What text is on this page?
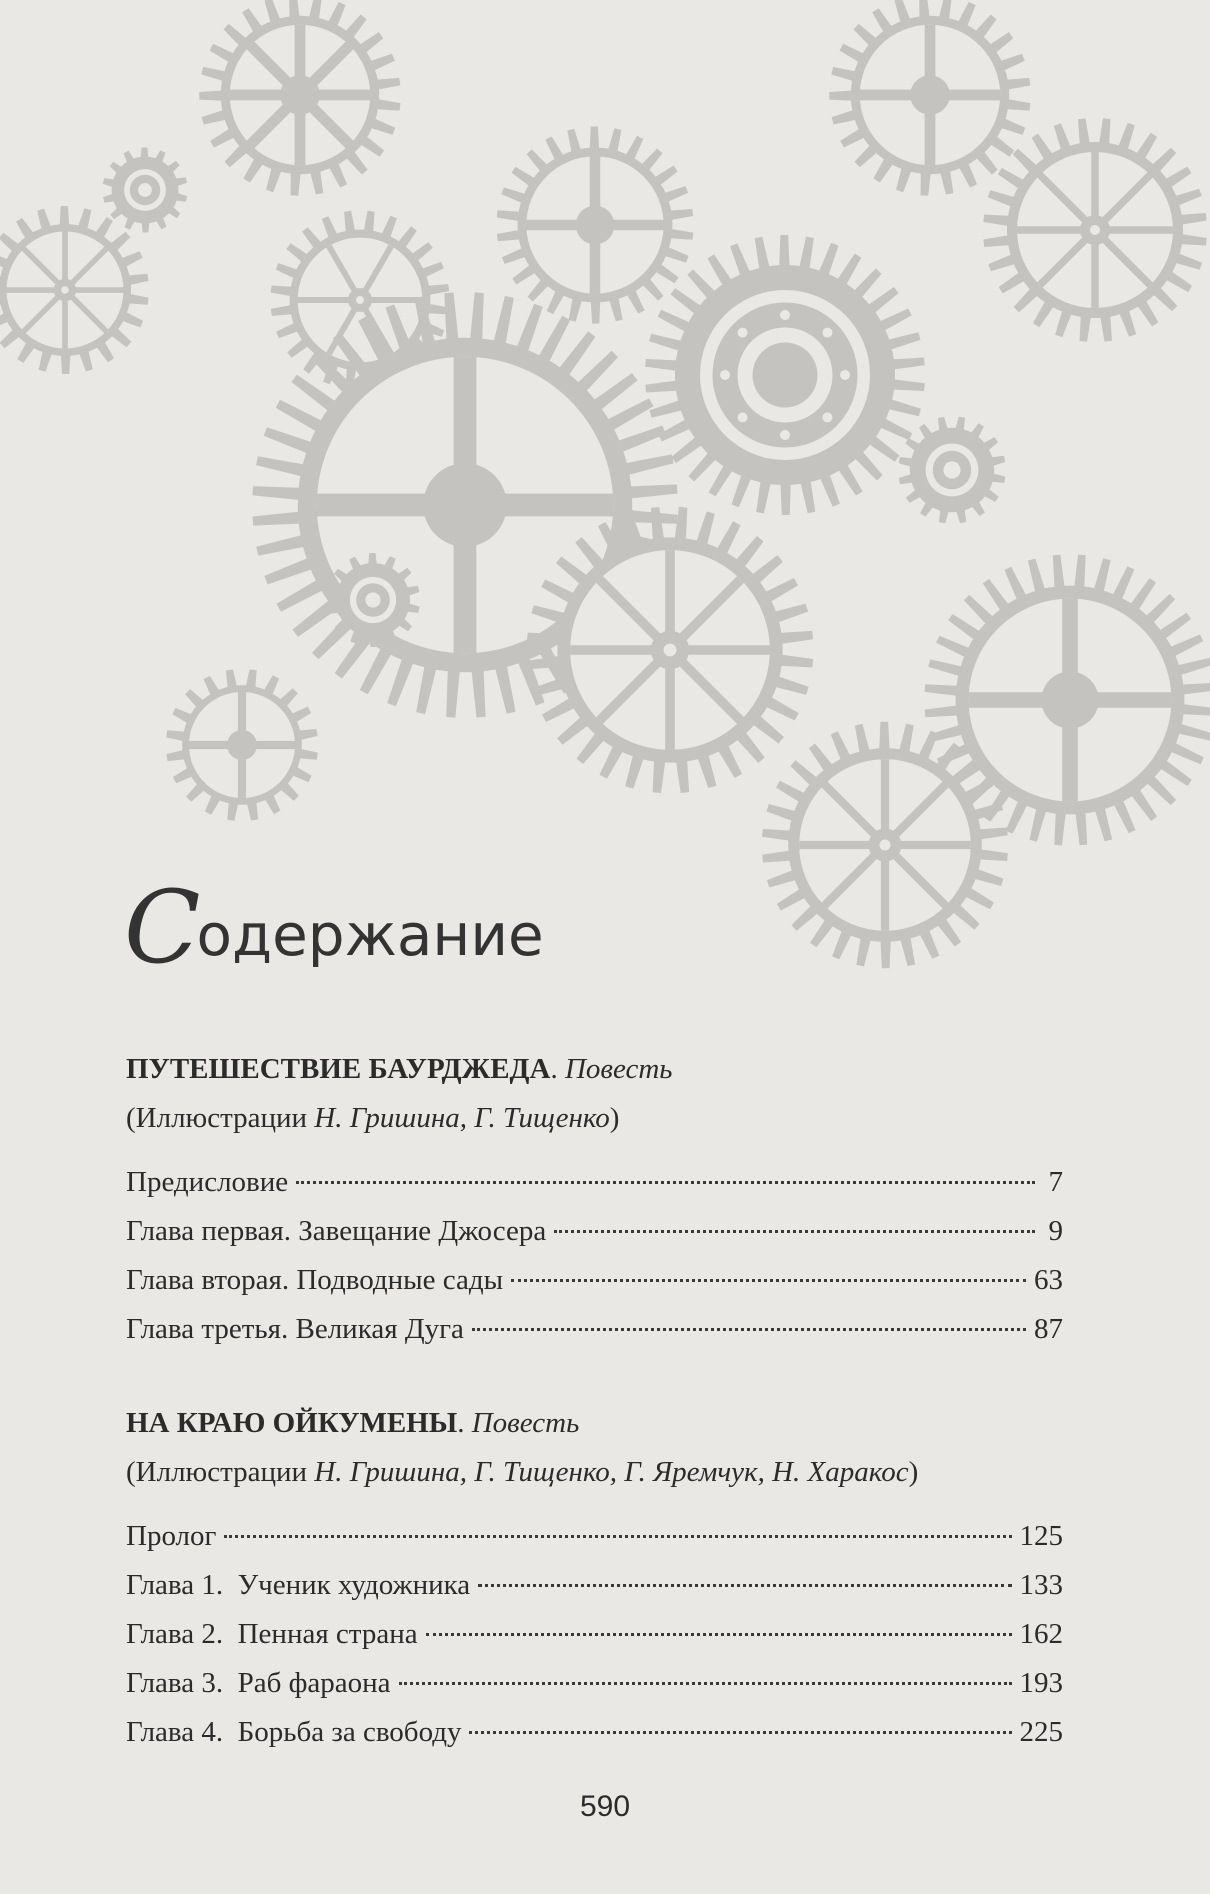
С
одержание
ПУТЕШЕСТВИЕ БАУРДЖЕДА. Повесть
(Иллюстрации Н. Гришина, Г. Тищенко)
Предисловие	7
Глава первая. Завещание Джосера	9
Глава вторая. Подводные сады	63
Глава третья. Великая Дуга	87
НА КРАЮ ОЙКУМЕНЫ. Повесть
(Иллюстрации Н. Гришина, Г. Тищенко, Г. Яремчук, Н. Харакос)
Пролог	125
Глава 1.  Ученик художника	133
Глава 2.  Пенная страна	162
Глава 3.  Раб фараона	193
Глава 4.  Борьба за свободу	225
590
